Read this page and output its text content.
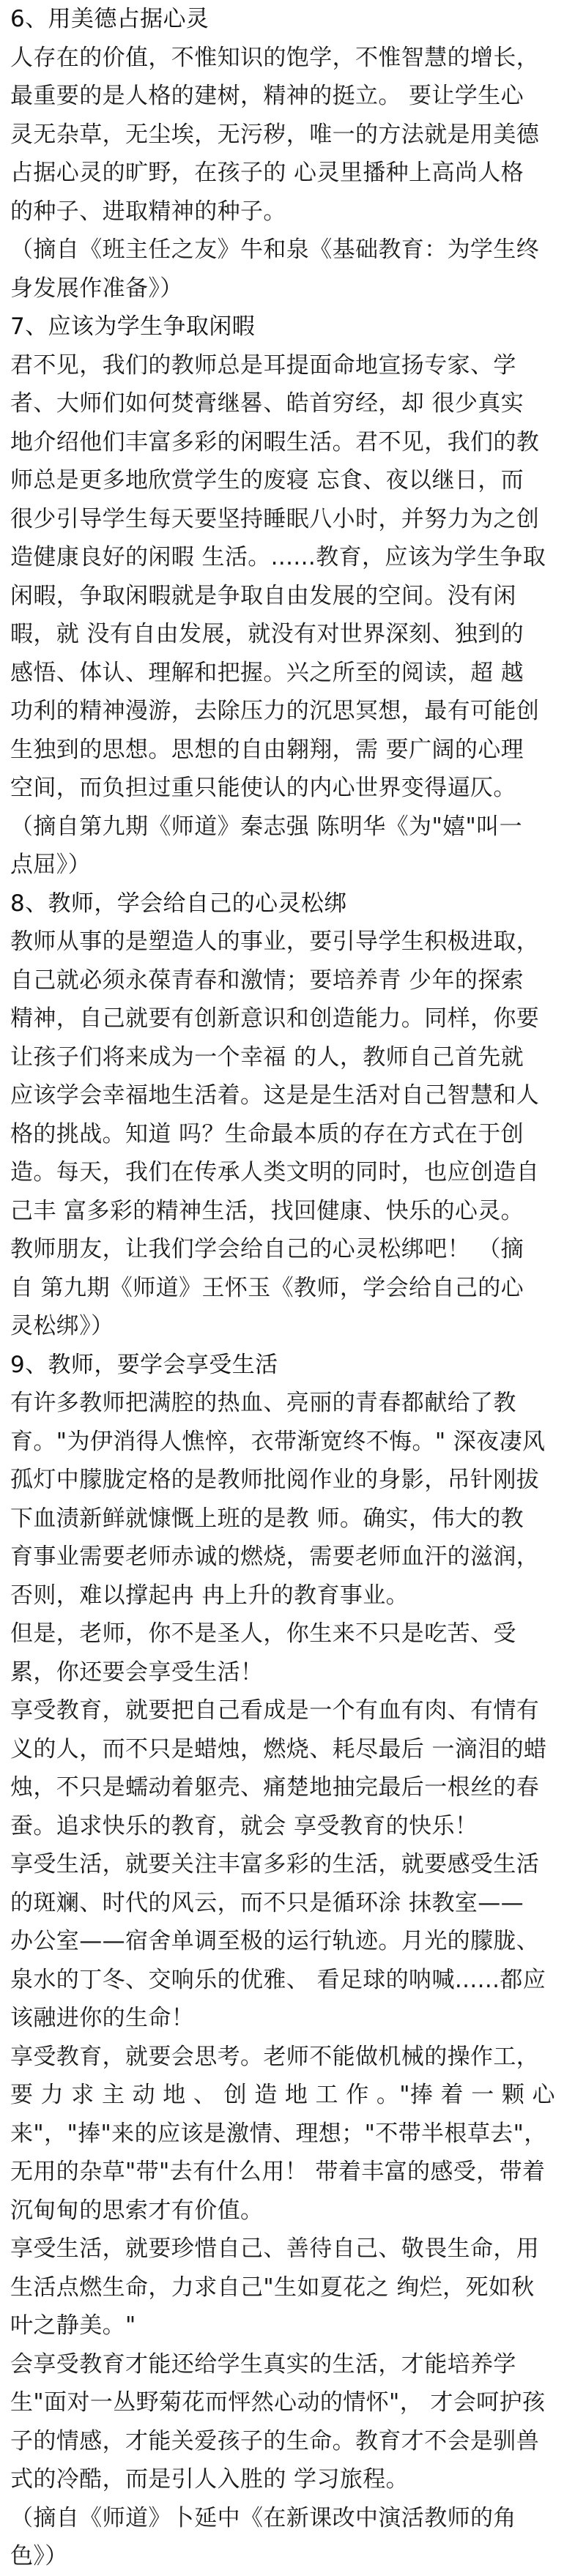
6、用美德占据心灵
人存在的价值，不惟知识的饱学，不惟智慧的增长，
最重要的是人格的建树，精神的挺立。 要让学生心
灵无杂草，无尘埃，无污秽，唯一的方法就是用美德
占据心灵的旷野，在孩子的 心灵里播种上高尚人格
的种子、进取精神的种子。
（摘自《班主任之友》牛和泉《基础教育：为学生终
身发展作准备》）
7、应该为学生争取闲暇
君不见，我们的教师总是耳提面命地宣扬专家、学
者、大师们如何焚膏继晷、皓首穷经，却 很少真实
地介绍他们丰富多彩的闲暇生活。君不见，我们的教
师总是更多地欣赏学生的废寝 忘食、夜以继日，而
很少引导学生每天要坚持睡眠八小时，并努力为之创
造健康良好的闲暇 生活。......教育，应该为学生争取
闲暇，争取闲暇就是争取自由发展的空间。没有闲
暇，就 没有自由发展，就没有对世界深刻、独到的
感悟、体认、理解和把握。兴之所至的阅读，超 越
功利的精神漫游，去除压力的沉思冥想，最有可能创
生独到的思想。思想的自由翱翔，需 要广阔的心理
空间，而负担过重只能使认的内心世界变得逼仄。
（摘自第九期《师道》秦志强 陈明华《为"嬉"叫一
点屈》）
8、教师，学会给自己的心灵松绑
教师从事的是塑造人的事业，要引导学生积极进取，
自己就必须永葆青春和激情；要培养青 少年的探索
精神，自己就要有创新意识和创造能力。同样，你要
让孩子们将来成为一个幸福 的人，教师自己首先就
应该学会幸福地生活着。这是是生活对自己智慧和人
格的挑战。知道 吗？生命最本质的存在方式在于创
造。每天，我们在传承人类文明的同时，也应创造自
己丰 富多彩的精神生活，找回健康、快乐的心灵。
教师朋友，让我们学会给自己的心灵松绑吧！ （摘
自 第九期《师道》王怀玉《教师，学会给自己的心
灵松绑》）
9、教师，要学会享受生活
有许多教师把满腔的热血、亮丽的青春都献给了教
育。"为伊消得人憔悴，衣带渐宽终不悔。" 深夜凄风
孤灯中朦胧定格的是教师批阅作业的身影，吊针刚拔
下血渍新鲜就慷慨上班的是教 师。确实，伟大的教
育事业需要老师赤诚的燃烧，需要老师血汗的滋润，
否则，难以撑起冉 冉上升的教育事业。
但是，老师，你不是圣人，你生来不只是吃苦、受
累，你还要会享受生活！
享受教育，就要把自己看成是一个有血有肉、有情有
义的人，而不只是蜡烛，燃烧、耗尽最后 一滴泪的蜡
烛，不只是蠕动着躯壳、痛楚地抽完最后一根丝的春
蚕。追求快乐的教育，就会 享受教育的快乐！
享受生活，就要关注丰富多彩的生活，就要感受生活
的斑斓、时代的风云，而不只是循环涂 抹教室——
办公室——宿舍单调至极的运行轨迹。月光的朦胧、
泉水的丁冬、交响乐的优雅、 看足球的呐喊......都应
该融进你的生命！
享受教育，就要会思考。老师不能做机械的操作工，
要 力 求 主 动 地 、 创 造 地 工 作 。"捧 着 一 颗 心
来"，"捧"来的应该是激情、理想；"不带半根草去"，
无用的杂草"带"去有什么用！ 带着丰富的感受，带着
沉甸甸的思索才有价值。
享受生活，就要珍惜自己、善待自己、敬畏生命，用
生活点燃生命，力求自己"生如夏花之 绚烂，死如秋
叶之静美。"
会享受教育才能还给学生真实的生活，才能培养学
生"面对一丛野菊花而怦然心动的情怀"， 才会呵护孩
子的情感，才能关爱孩子的生命。教育才不会是驯兽
式的冷酷，而是引人入胜的 学习旅程。
（摘自《师道》卜延中《在新课改中演活教师的角
色》）
